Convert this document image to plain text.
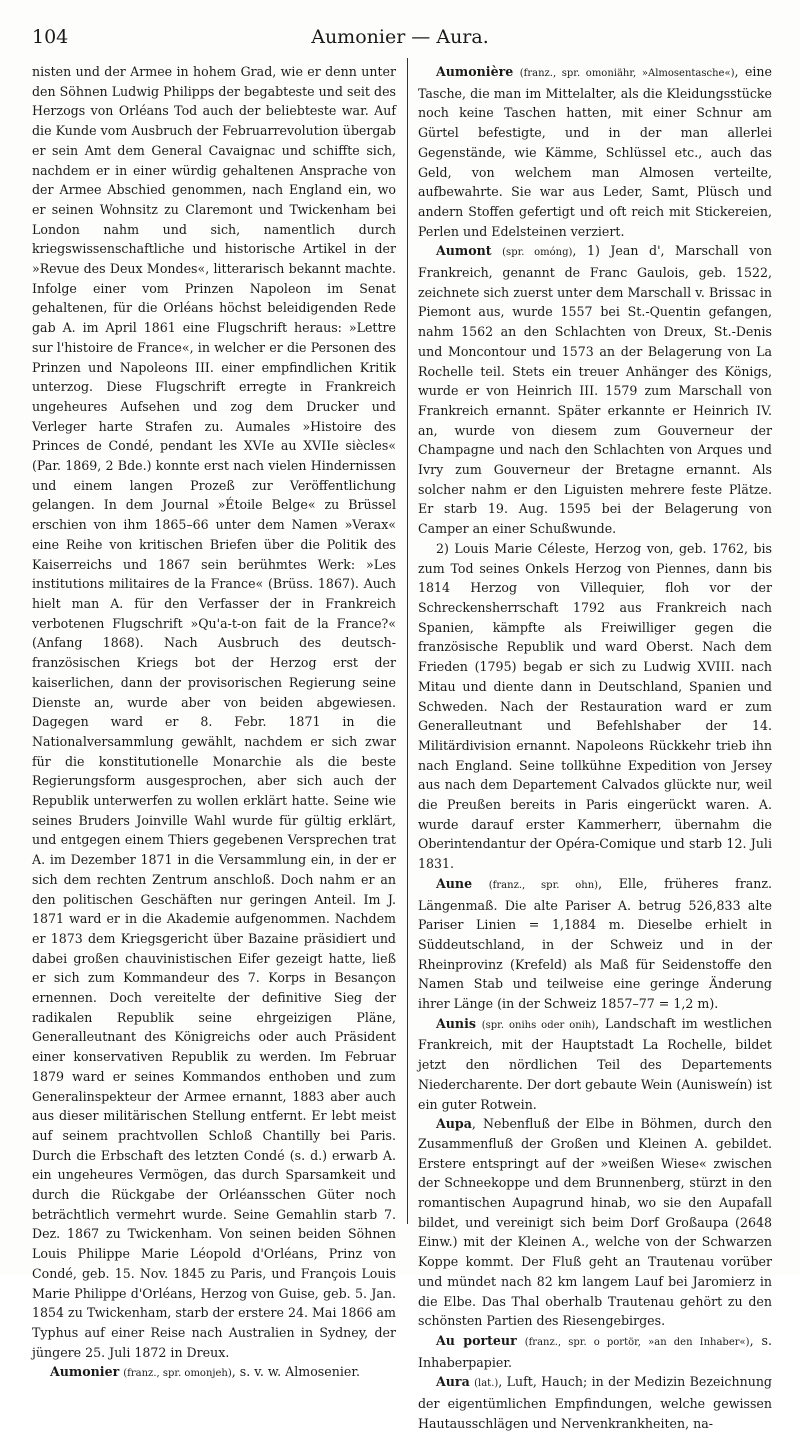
104	Aumonier — Aura.

nisten und der Armee in hohem Grad, wie er denn unter den Söhnen Ludwig Philipps der begabteste und seit des Herzogs von Orléans Tod auch der beliebteste war. Auf die Kunde vom Ausbruch der Februarrevolution übergab er sein Amt dem General Cavaignac und schiffte sich, nachdem er in einer würdig gehaltenen Ansprache von der Armee Abschied genommen, nach England ein, wo er seinen Wohnsitz zu Claremont und Twickenham bei London nahm und sich, namentlich durch kriegswissenschaftliche und historische Artikel in der »Revue des Deux Mondes«, litterarisch bekannt machte. Infolge einer vom Prinzen Napoleon im Senat gehaltenen, für die Orléans höchst beleidigenden Rede gab A. im April 1861 eine Flugschrift heraus: »Lettre sur l'histoire de France«, in welcher er die Personen des Prinzen und Napoleons III. einer empfindlichen Kritik unterzog. Diese Flugschrift erregte in Frankreich ungeheures Aufsehen und zog dem Drucker und Verleger harte Strafen zu. Aumales »Histoire des Princes de Condé, pendant les XVIe au XVIIe siècles« (Par. 1869, 2 Bde.) konnte erst nach vielen Hindernissen und einem langen Prozeß zur Veröffentlichung gelangen. In dem Journal »Étoile Belge« zu Brüssel erschien von ihm 1865–66 unter dem Namen »Verax« eine Reihe von kritischen Briefen über die Politik des Kaiserreichs und 1867 sein berühmtes Werk: »Les institutions militaires de la France« (Brüss. 1867). Auch hielt man A. für den Verfasser der in Frankreich verbotenen Flugschrift »Qu'a-t-on fait de la France?« (Anfang 1868). Nach Ausbruch des deutsch-französischen Kriegs bot der Herzog erst der kaiserlichen, dann der provisorischen Regierung seine Dienste an, wurde aber von beiden abgewiesen. Dagegen ward er 8. Febr. 1871 in die Nationalversammlung gewählt, nachdem er sich zwar für die konstitutionelle Monarchie als die beste Regierungsform ausgesprochen, aber sich auch der Republik unterwerfen zu wollen erklärt hatte. Seine wie seines Bruders Joinville Wahl wurde für gültig erklärt, und entgegen einem Thiers gegebenen Versprechen trat A. im Dezember 1871 in die Versammlung ein, in der er sich dem rechten Zentrum anschloß. Doch nahm er an den politischen Geschäften nur geringen Anteil. Im J. 1871 ward er in die Akademie aufgenommen. Nachdem er 1873 dem Kriegsgericht über Bazaine präsidiert und dabei großen chauvinistischen Eifer gezeigt hatte, ließ er sich zum Kommandeur des 7. Korps in Besançon ernennen. Doch vereitelte der definitive Sieg der radikalen Republik seine ehrgeizigen Pläne, Generalleutnant des Königreichs oder auch Präsident einer konservativen Republik zu werden. Im Februar 1879 ward er seines Kommandos enthoben und zum Generalinspekteur der Armee ernannt, 1883 aber auch aus dieser militärischen Stellung entfernt. Er lebt meist auf seinem prachtvollen Schloß Chantilly bei Paris. Durch die Erbschaft des letzten Condé (s. d.) erwarb A. ein ungeheures Vermögen, das durch Sparsamkeit und durch die Rückgabe der Orléansschen Güter noch beträchtlich vermehrt wurde. Seine Gemahlin starb 7. Dez. 1867 zu Twickenham. Von seinen beiden Söhnen Louis Philippe Marie Léopold d'Orléans, Prinz von Condé, geb. 15. Nov. 1845 zu Paris, und François Louis Marie Philippe d'Orléans, Herzog von Guise, geb. 5. Jan. 1854 zu Twickenham, starb der erstere 24. Mai 1866 am Typhus auf einer Reise nach Australien in Sydney, der jüngere 25. Juli 1872 in Dreux.

Aumonier (franz., spr. omonjeh), s. v. w. Almosenier.

Aumonière (franz., spr. omoniähr, »Almosentasche«), eine Tasche, die man im Mittelalter, als die Kleidungsstücke noch keine Taschen hatten, mit einer Schnur am Gürtel befestigte, und in der man allerlei Gegenstände, wie Kämme, Schlüssel etc., auch das Geld, von welchem man Almosen verteilte, aufbewahrte. Sie war aus Leder, Samt, Plüsch und andern Stoffen gefertigt und oft reich mit Stickereien, Perlen und Edelsteinen verziert.

Aumont (spr. omóng), 1) Jean d', Marschall von Frankreich, genannt de Franc Gaulois, geb. 1522, zeichnete sich zuerst unter dem Marschall v. Brissac in Piemont aus, wurde 1557 bei St.-Quentin gefangen, nahm 1562 an den Schlachten von Dreux, St.-Denis und Moncontour und 1573 an der Belagerung von La Rochelle teil. Stets ein treuer Anhänger des Königs, wurde er von Heinrich III. 1579 zum Marschall von Frankreich ernannt. Später erkannte er Heinrich IV. an, wurde von diesem zum Gouverneur der Champagne und nach den Schlachten von Arques und Ivry zum Gouverneur der Bretagne ernannt. Als solcher nahm er den Liguisten mehrere feste Plätze. Er starb 19. Aug. 1595 bei der Belagerung von Camper an einer Schußwunde.

2) Louis Marie Céleste, Herzog von, geb. 1762, bis zum Tod seines Onkels Herzog von Piennes, dann bis 1814 Herzog von Villequier, floh vor der Schreckensherrschaft 1792 aus Frankreich nach Spanien, kämpfte als Freiwilliger gegen die französische Republik und ward Oberst. Nach dem Frieden (1795) begab er sich zu Ludwig XVIII. nach Mitau und diente dann in Deutschland, Spanien und Schweden. Nach der Restauration ward er zum Generalleutnant und Befehlshaber der 14. Militärdivision ernannt. Napoleons Rückkehr trieb ihn nach England. Seine tollkühne Expedition von Jersey aus nach dem Departement Calvados glückte nur, weil die Preußen bereits in Paris eingerückt waren. A. wurde darauf erster Kammerherr, übernahm die Oberintendantur der Opéra-Comique und starb 12. Juli 1831.

Aune (franz., spr. ohn), Elle, früheres franz. Längenmaß. Die alte Pariser A. betrug 526,833 alte Pariser Linien = 1,1884 m. Dieselbe erhielt in Süddeutschland, in der Schweiz und in der Rheinprovinz (Krefeld) als Maß für Seidenstoffe den Namen Stab und teilweise eine geringe Änderung ihrer Länge (in der Schweiz 1857–77 = 1,2 m).

Aunis (spr. onihs oder onih), Landschaft im westlichen Frankreich, mit der Hauptstadt La Rochelle, bildet jetzt den nördlichen Teil des Departements Niedercharente. Der dort gebaute Wein (Aunisweín) ist ein guter Rotwein.

Aupa, Nebenfluß der Elbe in Böhmen, durch den Zusammenfluß der Großen und Kleinen A. gebildet. Erstere entspringt auf der »weißen Wiese« zwischen der Schneekoppe und dem Brunnenberg, stürzt in den romantischen Aupagrund hinab, wo sie den Aupafall bildet, und vereinigt sich beim Dorf Großaupa (2648 Einw.) mit der Kleinen A., welche von der Schwarzen Koppe kommt. Der Fluß geht an Trautenau vorüber und mündet nach 82 km langem Lauf bei Jaromierz in die Elbe. Das Thal oberhalb Trautenau gehört zu den schönsten Partien des Riesengebirges.

Au porteur (franz., spr. o portör, »an den Inhaber«), s. Inhaberpapier.

Aura (lat.), Luft, Hauch; in der Medizin Bezeichnung der eigentümlichen Empfindungen, welche gewissen Hautausschlägen und Nervenkrankheiten, na-
